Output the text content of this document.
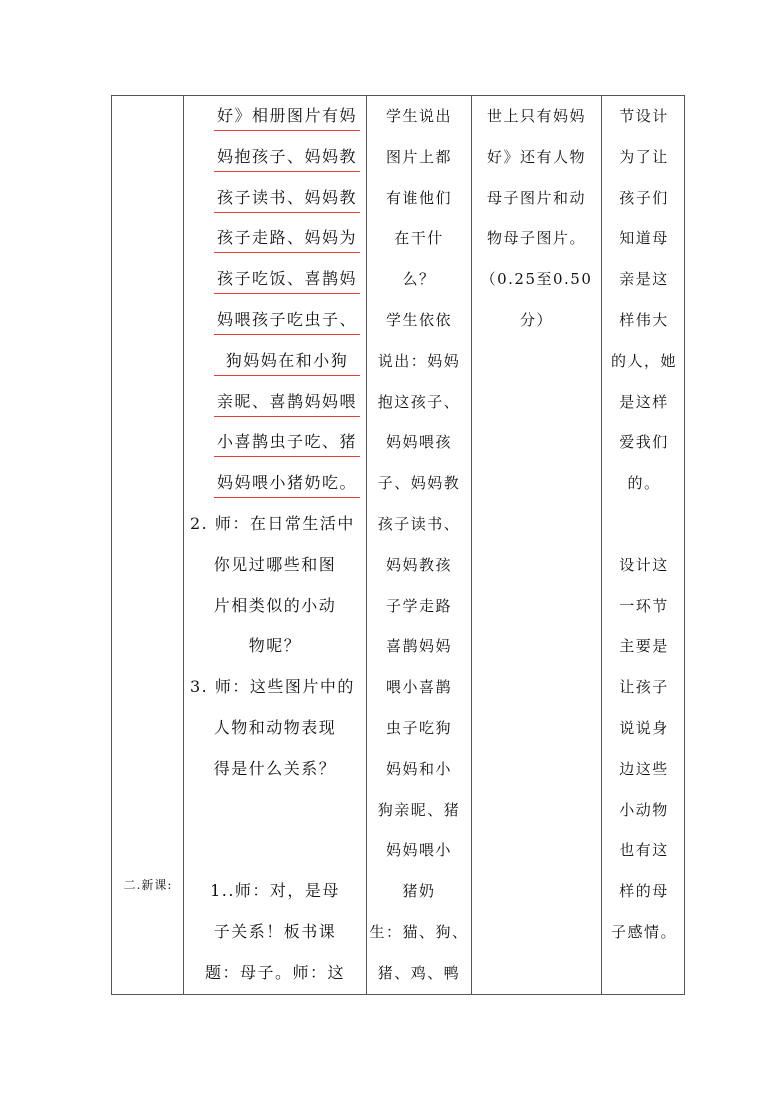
二.新课:
好》相册图片有妈
妈抱孩子、妈妈教
孩子读书、妈妈教
孩子走路、妈妈为
孩子吃饭、喜鹊妈
妈喂孩子吃虫子、
狗妈妈在和小狗
亲昵、喜鹊妈妈喂
小喜鹊虫子吃、猪
妈妈喂小猪奶吃。
2. 师：在日常生活中
你见过哪些和图
片相类似的小动
物呢？
3. 师：这些图片中的
人物和动物表现
得是什么关系？
1..师：对，是母
子关系！板书课
题：母子。师：这
学生说出
图片上都
有谁他们
在干什
么？
学生依依
说出：妈妈
抱这孩子、
妈妈喂孩
子、妈妈教
孩子读书、
妈妈教孩
子学走路
喜鹊妈妈
喂小喜鹊
虫子吃狗
妈妈和小
狗亲昵、猪
妈妈喂小
猪奶
生：猫、狗、
猪、鸡、鸭
世上只有妈妈
好》还有人物
母子图片和动
物母子图片。
（0.25至0.50
分）
节设计
为了让
孩子们
知道母
亲是这
样伟大
的人，她
是这样
爱我们
的。
设计这
一环节
主要是
让孩子
说说身
边这些
小动物
也有这
样的母
子感情。
